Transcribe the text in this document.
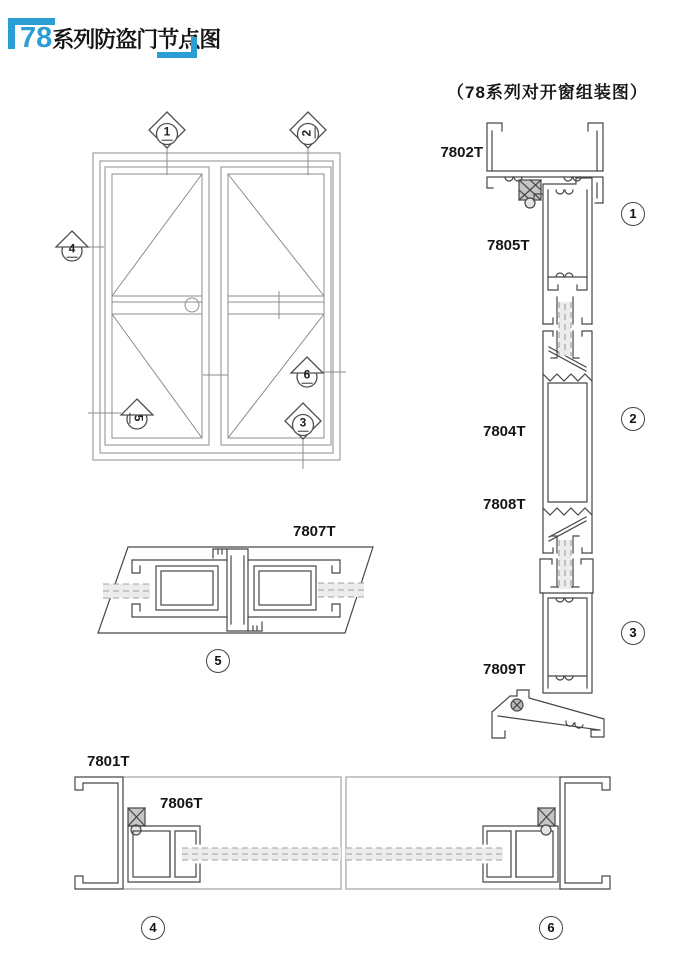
78系列防盗门节点图
（78系列对开窗组装图）
7802T
7805T
7804T
7808T
7809T
7807T
7801T
7806T
1
2
3
4
5
6
1	2
3
4
5
6
